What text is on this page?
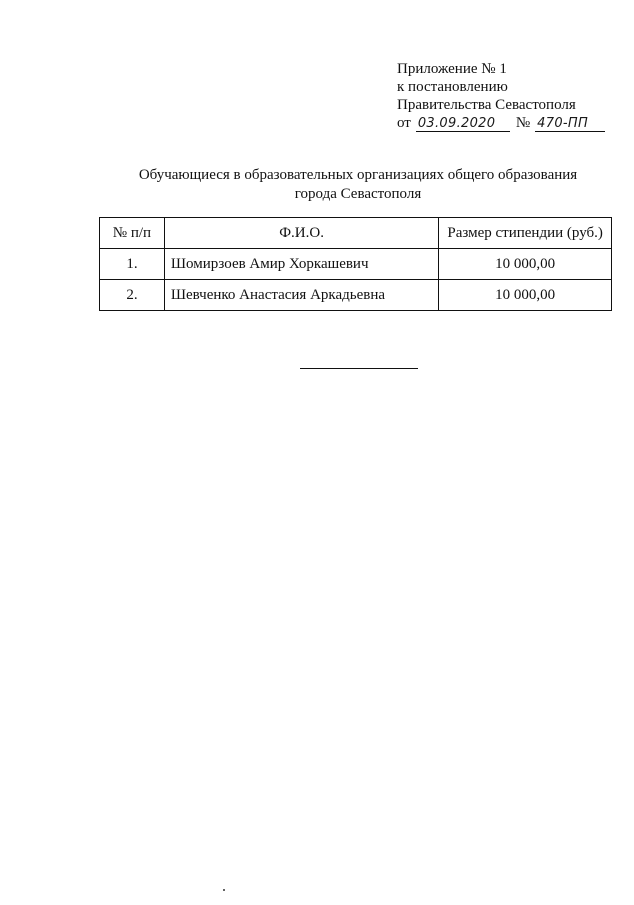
Приложение № 1
к постановлению
Правительства Севастополя
от 03.09.2020	№ 470-ПП
Обучающиеся в образовательных организациях общего образования
города Севастополя
№ п/п	Ф.И.О.	Размер стипендии (руб.)
1.	Шомирзоев Амир Хоркашевич	10 000,00
2.	Шевченко Анастасия Аркадьевна	10 000,00
